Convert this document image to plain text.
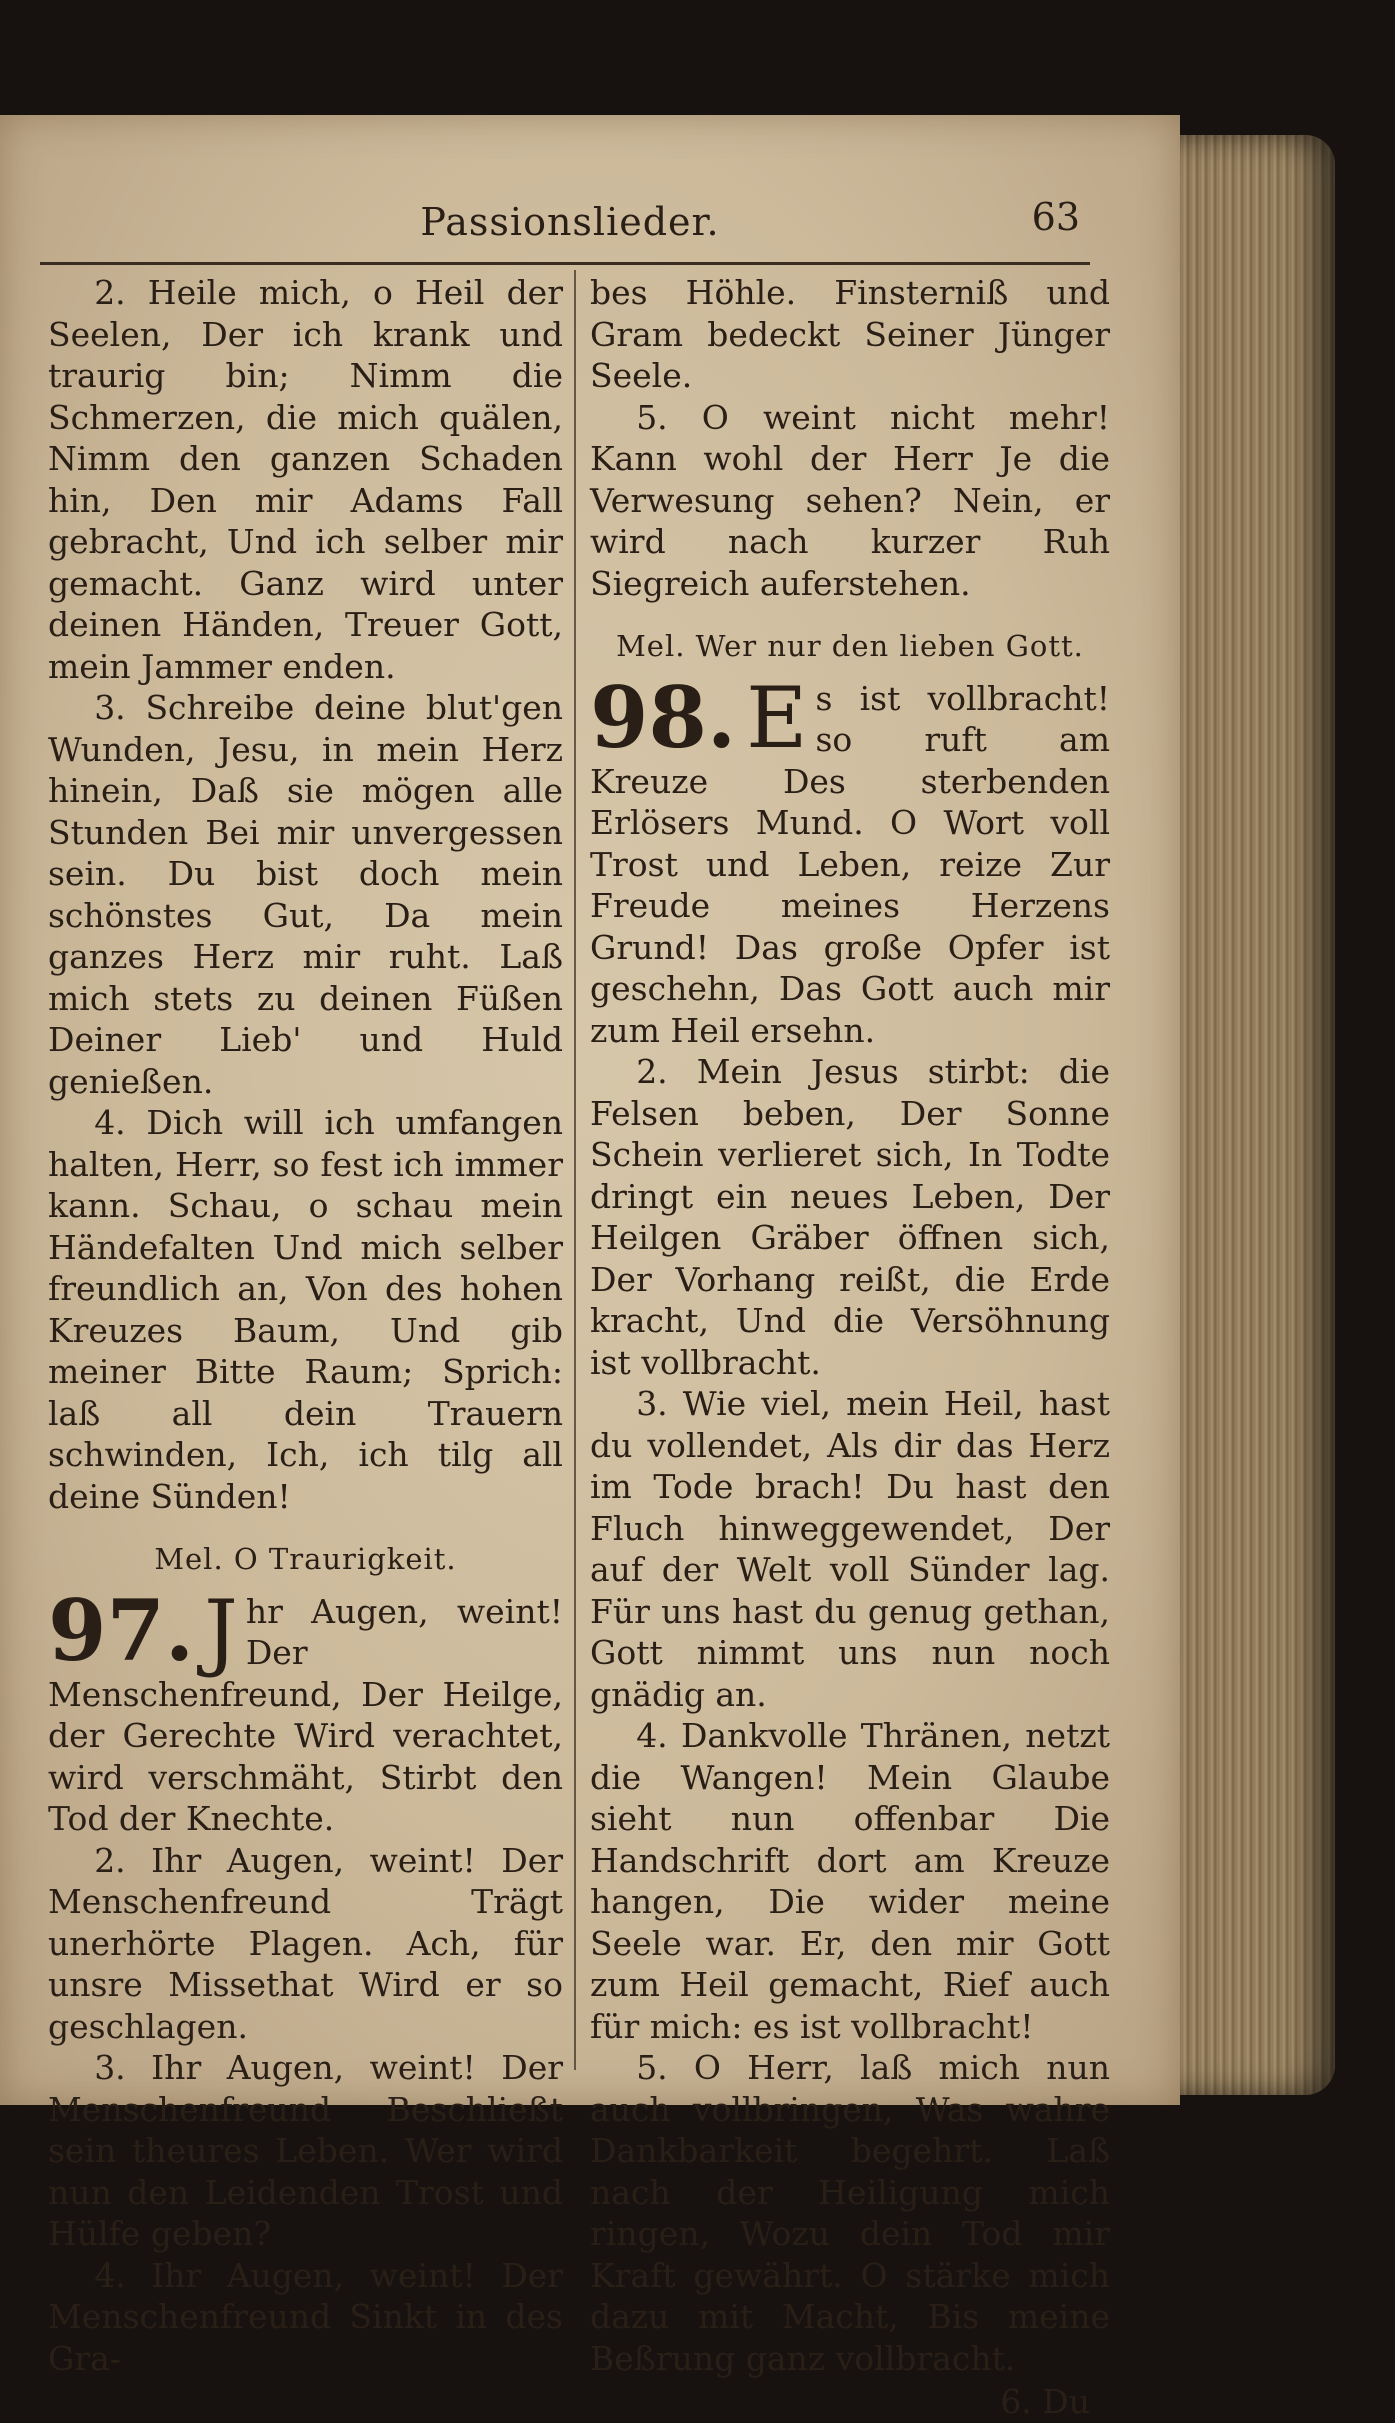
Passionslieder.	63

2. Heile mich, o Heil der Seelen, Der ich krank und traurig bin; Nimm die Schmerzen, die mich quälen, Nimm den ganzen Schaden hin, Den mir Adams Fall gebracht, Und ich selber mir gemacht. Ganz wird unter deinen Händen, Treuer Gott, mein Jammer enden.

3. Schreibe deine blut'gen Wunden, Jesu, in mein Herz hinein, Daß sie mögen alle Stunden Bei mir unvergessen sein. Du bist doch mein schönstes Gut, Da mein ganzes Herz mir ruht. Laß mich stets zu deinen Füßen Deiner Lieb' und Huld genießen.

4. Dich will ich umfangen halten, Herr, so fest ich immer kann. Schau, o schau mein Händefalten Und mich selber freundlich an, Von des hohen Kreuzes Baum, Und gib meiner Bitte Raum; Sprich: laß all dein Trauern schwinden, Ich, ich tilg all deine Sünden!

Mel. O Traurigkeit.

97. J hr Augen, weint! Der Menschenfreund, Der Heilge, der Gerechte Wird verachtet, wird verschmäht, Stirbt den Tod der Knechte.

2. Ihr Augen, weint! Der Menschenfreund Trägt unerhörte Plagen. Ach, für unsre Missethat Wird er so geschlagen.

3. Ihr Augen, weint! Der Menschenfreund Beschließt sein theures Leben. Wer wird nun den Leidenden Trost und Hülfe geben?

4. Ihr Augen, weint! Der Menschenfreund Sinkt in des Gra-

bes Höhle. Finsterniß und Gram bedeckt Seiner Jünger Seele.

5. O weint nicht mehr! Kann wohl der Herr Je die Verwesung sehen? Nein, er wird nach kurzer Ruh Siegreich auferstehen.

Mel. Wer nur den lieben Gott.

98. E s ist vollbracht! so ruft am Kreuze Des sterbenden Erlösers Mund. O Wort voll Trost und Leben, reize Zur Freude meines Herzens Grund! Das große Opfer ist geschehn, Das Gott auch mir zum Heil ersehn.

2. Mein Jesus stirbt: die Felsen beben, Der Sonne Schein verlieret sich, In Todte dringt ein neues Leben, Der Heilgen Gräber öffnen sich, Der Vorhang reißt, die Erde kracht, Und die Versöhnung ist vollbracht.

3. Wie viel, mein Heil, hast du vollendet, Als dir das Herz im Tode brach! Du hast den Fluch hinweggewendet, Der auf der Welt voll Sünder lag. Für uns hast du genug gethan, Gott nimmt uns nun noch gnädig an.

4. Dankvolle Thränen, netzt die Wangen! Mein Glaube sieht nun offenbar Die Handschrift dort am Kreuze hangen, Die wider meine Seele war. Er, den mir Gott zum Heil gemacht, Rief auch für mich: es ist vollbracht!

5. O Herr, laß mich nun auch vollbringen, Was wahre Dankbarkeit begehrt. Laß nach der Heiligung mich ringen, Wozu dein Tod mir Kraft gewährt. O stärke mich dazu mit Macht, Bis meine Beßrung ganz vollbracht.

6. Du
